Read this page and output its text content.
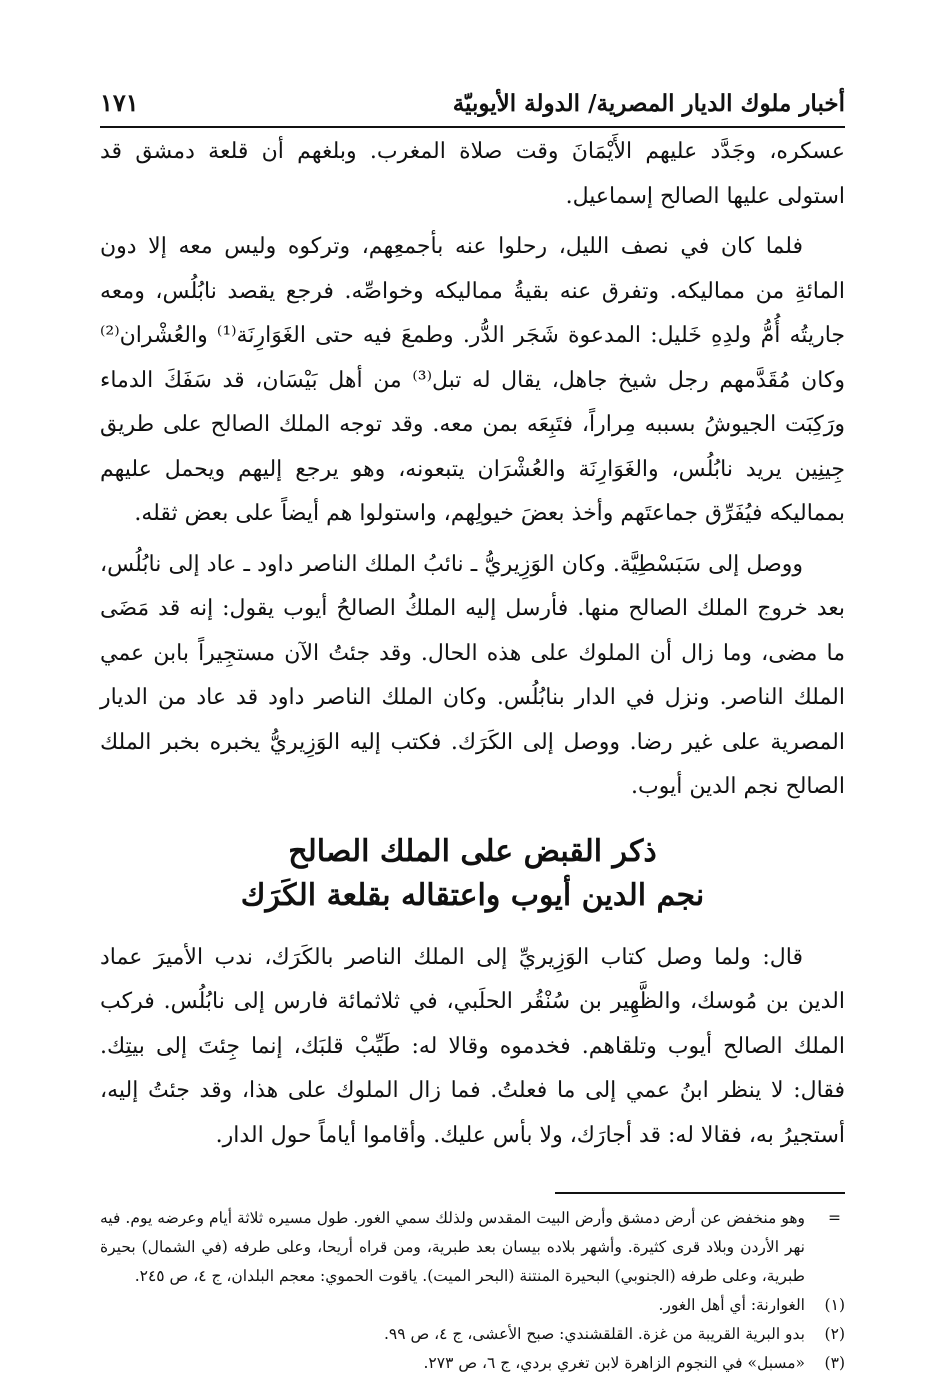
أخبار ملوك الديار المصرية/ الدولة الأيوبيّة
١٧١

عسكره، وجَدَّد عليهم الأَيْمَانَ وقت صلاة المغرب. وبلغهم أن قلعة دمشق قد استولى عليها الصالح إسماعيل.

فلما كان في نصف الليل، رحلوا عنه بأجمعِهم، وتركوه وليس معه إلا دون المائةِ من مماليكه. وتفرق عنه بقيةُ مماليكه وخواصِّه. فرجع يقصد نابُلُس، ومعه جاريتُه أُمُّ ولدِهِ خَليل: المدعوة شَجَر الدُّر. وطمعَ فيه حتى الغَوَارِنَة⁽¹⁾ والعُشْران⁽²⁾ وكان مُقَدَّمهم رجل شيخ جاهل، يقال له تبل⁽³⁾ من أهل بَيْسَان، قد سَفَكَ الدماء ورَكِبَت الجيوشُ بسببه مِراراً، فتَبِعَه بمن معه. وقد توجه الملك الصالح على طريق جِينِين يريد نابُلُس، والغَوَارِنَة والعُشْرَان يتبعونه، وهو يرجع إليهم ويحمل عليهم بمماليكه فيُفَرِّق جماعتَهم وأخذ بعضَ خيولِهم، واستولوا هم أيضاً على بعض ثقله.

ووصل إلى سَبَسْطِيَّة. وكان الوَزِيريُّ ـ نائبُ الملك الناصر داود ـ عاد إلى نابُلُس، بعد خروج الملك الصالح منها. فأرسل إليه الملكُ الصالحُ أيوب يقول: إنه قد مَضَى ما مضى، وما زال أن الملوك على هذه الحال. وقد جئتُ الآن مستجِيراً بابن عمي الملك الناصر. ونزل في الدار بنابُلُس. وكان الملك الناصر داود قد عاد من الديار المصرية على غير رضا. ووصل إلى الكَرَك. فكتب إليه الوَزِيريُّ يخبره بخبر الملك الصالح نجم الدين أيوب.

ذكر القبض على الملك الصالح
نجم الدين أيوب واعتقاله بقلعة الكَرَك

قال: ولما وصل كتاب الوَزِيريِّ إلى الملك الناصر بالكَرَك، ندب الأميرَ عماد الدين بن مُوسك، والظَّهِير بن سُنْقُر الحلَبي، في ثلاثمائة فارس إلى نابُلُس. فركب الملك الصالح أيوب وتلقاهم. فخدموه وقالا له: طَيِّبْ قلبَك، إنما جِئتَ إلى بيتِك. فقال: لا ينظر ابنُ عمي إلى ما فعلتُ. فما زال الملوك على هذا، وقد جئتُ إليه، أستجيرُ به، فقالا له: قد أجارَك، ولا بأس عليك. وأقاموا أياماً حول الدار.

=
وهو منخفض عن أرض دمشق وأرض البيت المقدس ولذلك سمي الغور. طول مسيره ثلاثة أيام وعرضه يوم. فيه نهر الأردن وبلاد قرى كثيرة. وأشهر بلاده بيسان بعد طبرية، ومن قراه أريحا، وعلى طرفه (في الشمال) بحيرة طبرية، وعلى طرفه (الجنوبي) البحيرة المنتنة (البحر الميت). ياقوت الحموي: معجم البلدان، ج ٤، ص ٢٤٥.
(١)
الغوارنة: أي أهل الغور.
(٢)
بدو البرية القريبة من غزة. القلقشندي: صبح الأعشى، ج ٤، ص ٩٩.
(٣)
«مسبل» في النجوم الزاهرة لابن تغري بردي، ج ٦، ص ٢٧٣.
